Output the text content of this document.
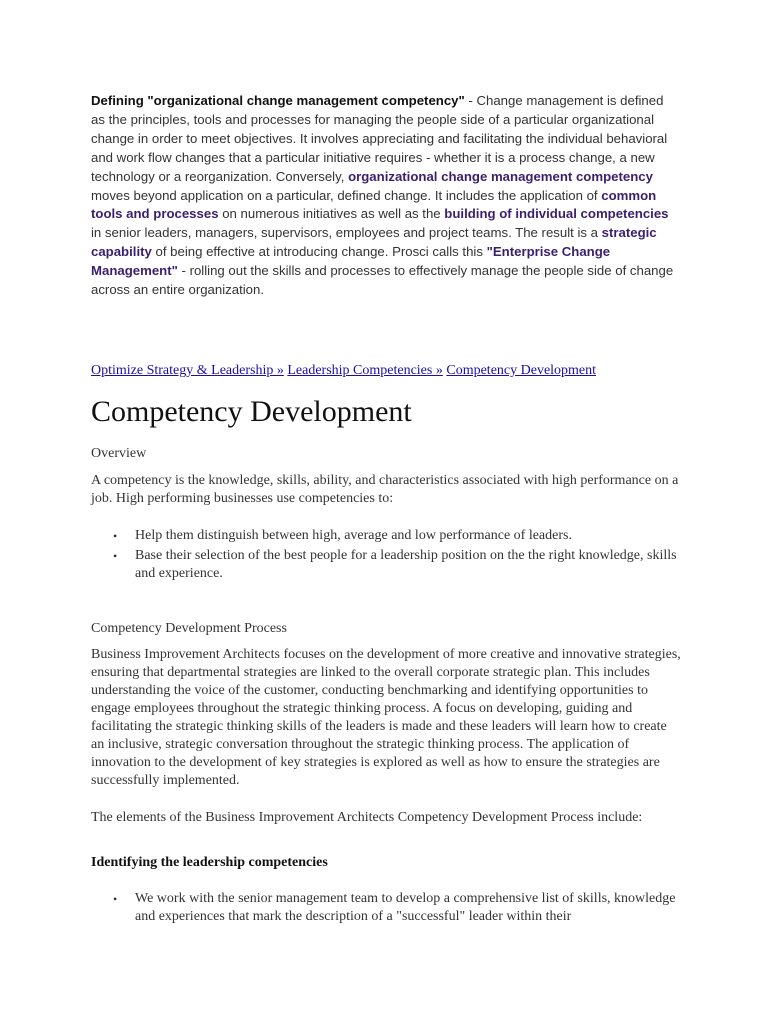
Defining "organizational change management competency" - Change management is defined as the principles, tools and processes for managing the people side of a particular organizational change in order to meet objectives. It involves appreciating and facilitating the individual behavioral and work flow changes that a particular initiative requires - whether it is a process change, a new technology or a reorganization. Conversely, organizational change management competency moves beyond application on a particular, defined change. It includes the application of common tools and processes on numerous initiatives as well as the building of individual competencies in senior leaders, managers, supervisors, employees and project teams. The result is a strategic capability of being effective at introducing change. Prosci calls this "Enterprise Change Management" - rolling out the skills and processes to effectively manage the people side of change across an entire organization.
Optimize Strategy & Leadership » Leadership Competencies » Competency Development
Competency Development

Overview

A competency is the knowledge, skills, ability, and characteristics associated with high performance on a job. High performing businesses use competencies to:

• Help them distinguish between high, average and low performance of leaders.
• Base their selection of the best people for a leadership position on the the right knowledge, skills and experience.

Competency Development Process

Business Improvement Architects focuses on the development of more creative and innovative strategies, ensuring that departmental strategies are linked to the overall corporate strategic plan. This includes understanding the voice of the customer, conducting benchmarking and identifying opportunities to engage employees throughout the strategic thinking process. A focus on developing, guiding and facilitating the strategic thinking skills of the leaders is made and these leaders will learn how to create an inclusive, strategic conversation throughout the strategic thinking process. The application of innovation to the development of key strategies is explored as well as how to ensure the strategies are successfully implemented.

The elements of the Business Improvement Architects Competency Development Process include:

Identifying the leadership competencies

• We work with the senior management team to develop a comprehensive list of skills, knowledge and experiences that mark the description of a "successful" leader within their
